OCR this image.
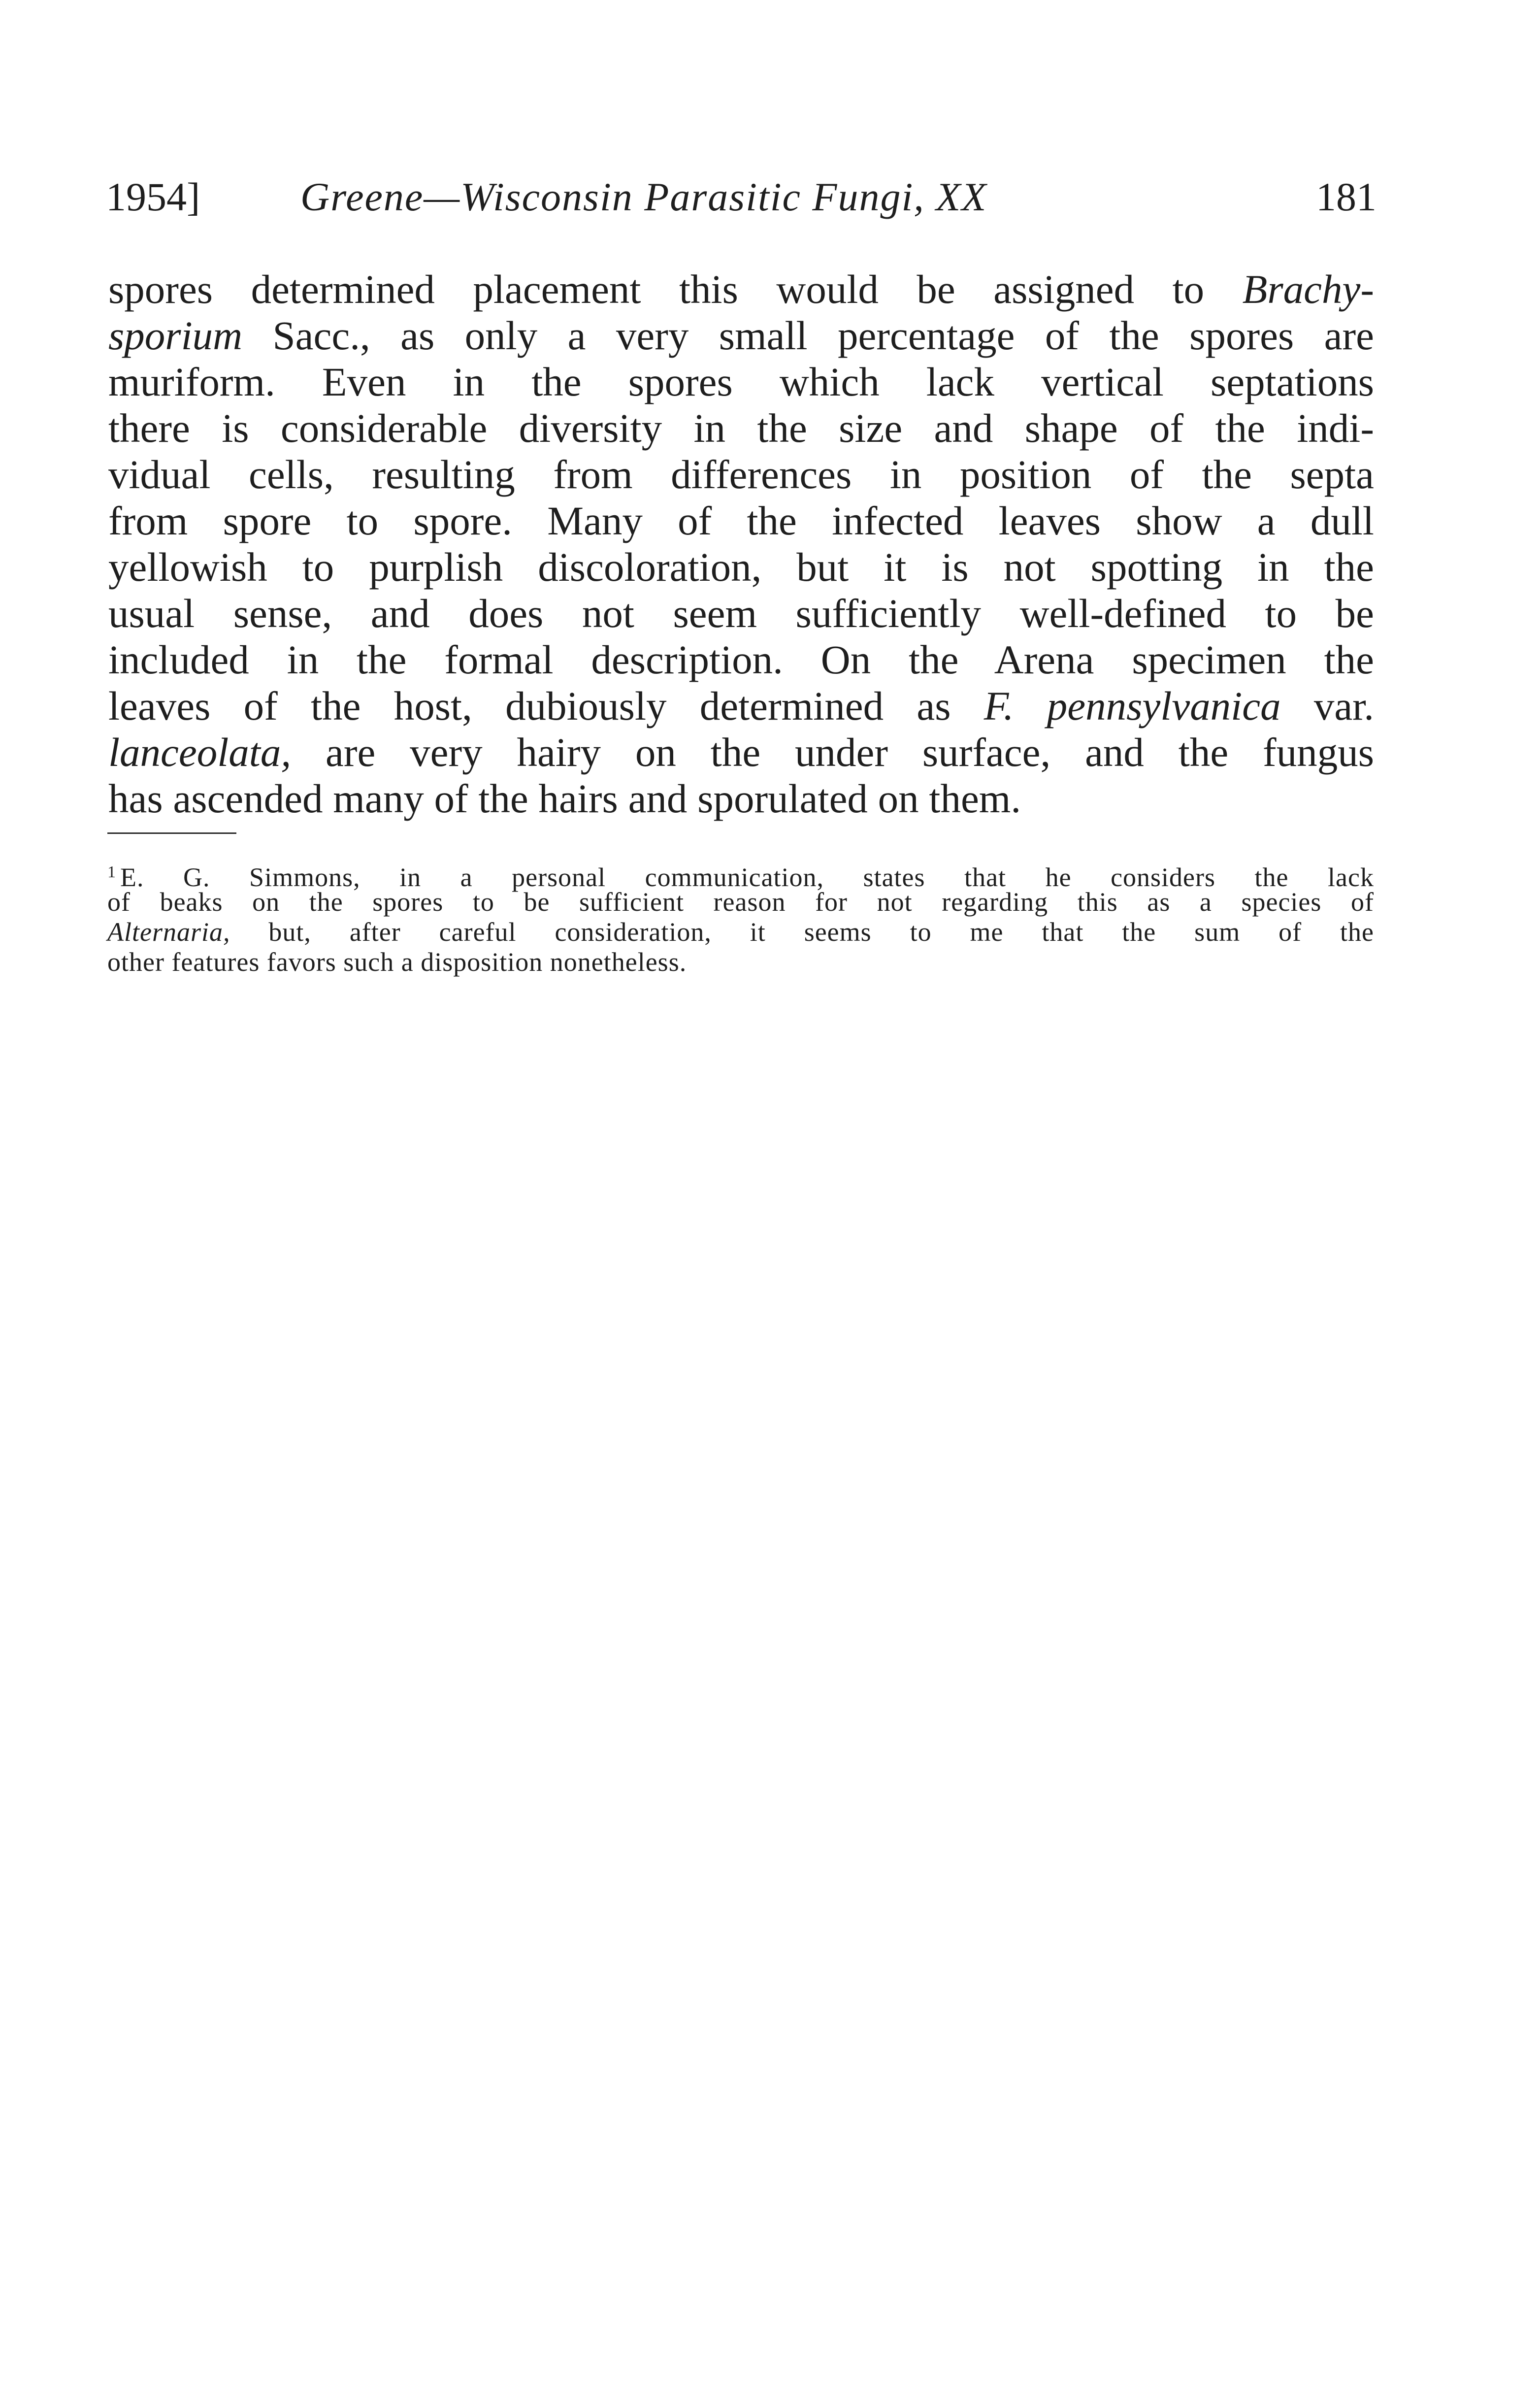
1954] Greene—Wisconsin Parasitic Fungi, XX	181
spores determined placement this would be assigned to Brachy-
sporium Sacc., as only a very small percentage of the spores are
muriform. Even in the spores which lack vertical septations
there is considerable diversity in the size and shape of the indi-
vidual cells, resulting from differences in position of the septa
from spore to spore. Many of the infected leaves show a dull
yellowish to purplish discoloration, but it is not spotting in the
usual sense, and does not seem sufficiently well-defined to be
included in the formal description. On the Arena specimen the
leaves of the host, dubiously determined as F. pennsylvanica var.
lanceolata, are very hairy on the under surface, and the fungus
has ascended many of the hairs and sporulated on them.
$^1$ E. G. Simmons, in a personal communication, states that he considers the lack
of beaks on the spores to be sufficient reason for not regarding this as a species of
Alternaria, but, after careful consideration, it seems to me that the sum of the
other features favors such a disposition nonetheless.
